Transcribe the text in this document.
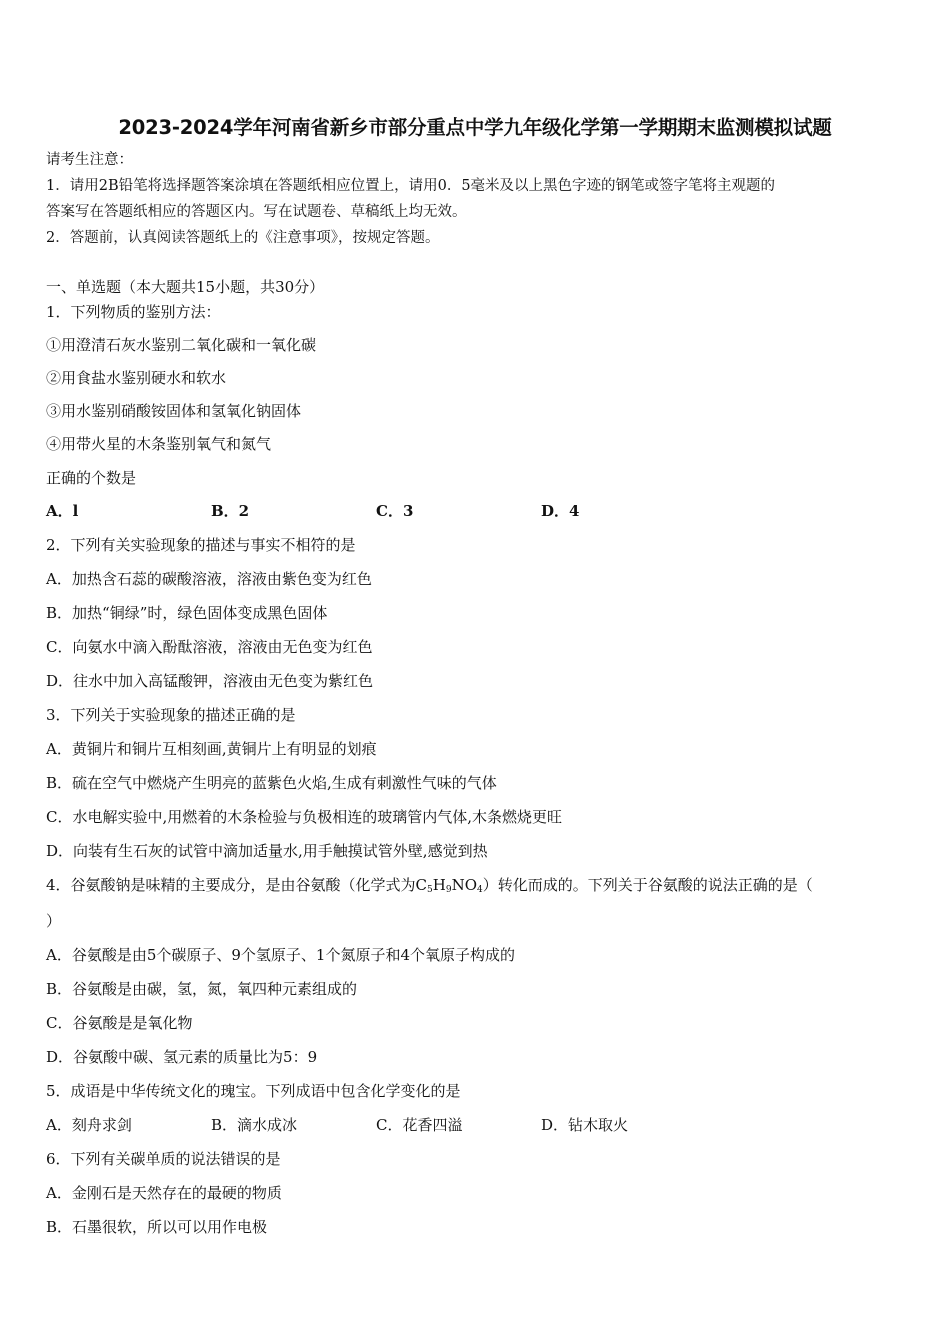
2023-2024学年河南省新乡市部分重点中学九年级化学第一学期期末监测模拟试题
请考生注意：
1．请用2B铅笔将选择题答案涂填在答题纸相应位置上，请用0．5毫米及以上黑色字迹的钢笔或签字笔将主观题的
答案写在答题纸相应的答题区内。写在试题卷、草稿纸上均无效。
2．答题前，认真阅读答题纸上的《注意事项》，按规定答题。
一、单选题（本大题共15小题，共30分）
1．下列物质的鉴别方法：
①用澄清石灰水鉴别二氧化碳和一氧化碳
②用食盐水鉴别硬水和软水
③用水鉴别硝酸铵固体和氢氧化钠固体
④用带火星的木条鉴别氧气和氮气
正确的个数是
A．l	B．2	C．3	D．4
2．下列有关实验现象的描述与事实不相符的是
A．加热含石蕊的碳酸溶液，溶液由紫色变为红色
B．加热“铜绿”时，绿色固体变成黑色固体
C．向氨水中滴入酚酞溶液，溶液由无色变为红色
D．往水中加入高锰酸钾，溶液由无色变为紫红色
3．下列关于实验现象的描述正确的是
A．黄铜片和铜片互相刻画,黄铜片上有明显的划痕
B．硫在空气中燃烧产生明亮的蓝紫色火焰,生成有刺激性气味的气体
C．水电解实验中,用燃着的木条检验与负极相连的玻璃管内气体,木条燃烧更旺
D．向装有生石灰的试管中滴加适量水,用手触摸试管外壁,感觉到热
4．谷氨酸钠是味精的主要成分，是由谷氨酸（化学式为$C_5H_9NO_4$）转化而成的。下列关于谷氨酸的说法正确的是（
）
A．谷氨酸是由5个碳原子、9个氢原子、1个氮原子和4个氧原子构成的
B．谷氨酸是由碳，氢，氮，氧四种元素组成的
C．谷氨酸是是氧化物
D．谷氨酸中碳、氢元素的质量比为5：9
5．成语是中华传统文化的瑰宝。下列成语中包含化学变化的是
A．刻舟求剑	B．滴水成冰	C．花香四溢	D．钻木取火
6．下列有关碳单质的说法错误的是
A．金刚石是天然存在的最硬的物质
B．石墨很软，所以可以用作电极
